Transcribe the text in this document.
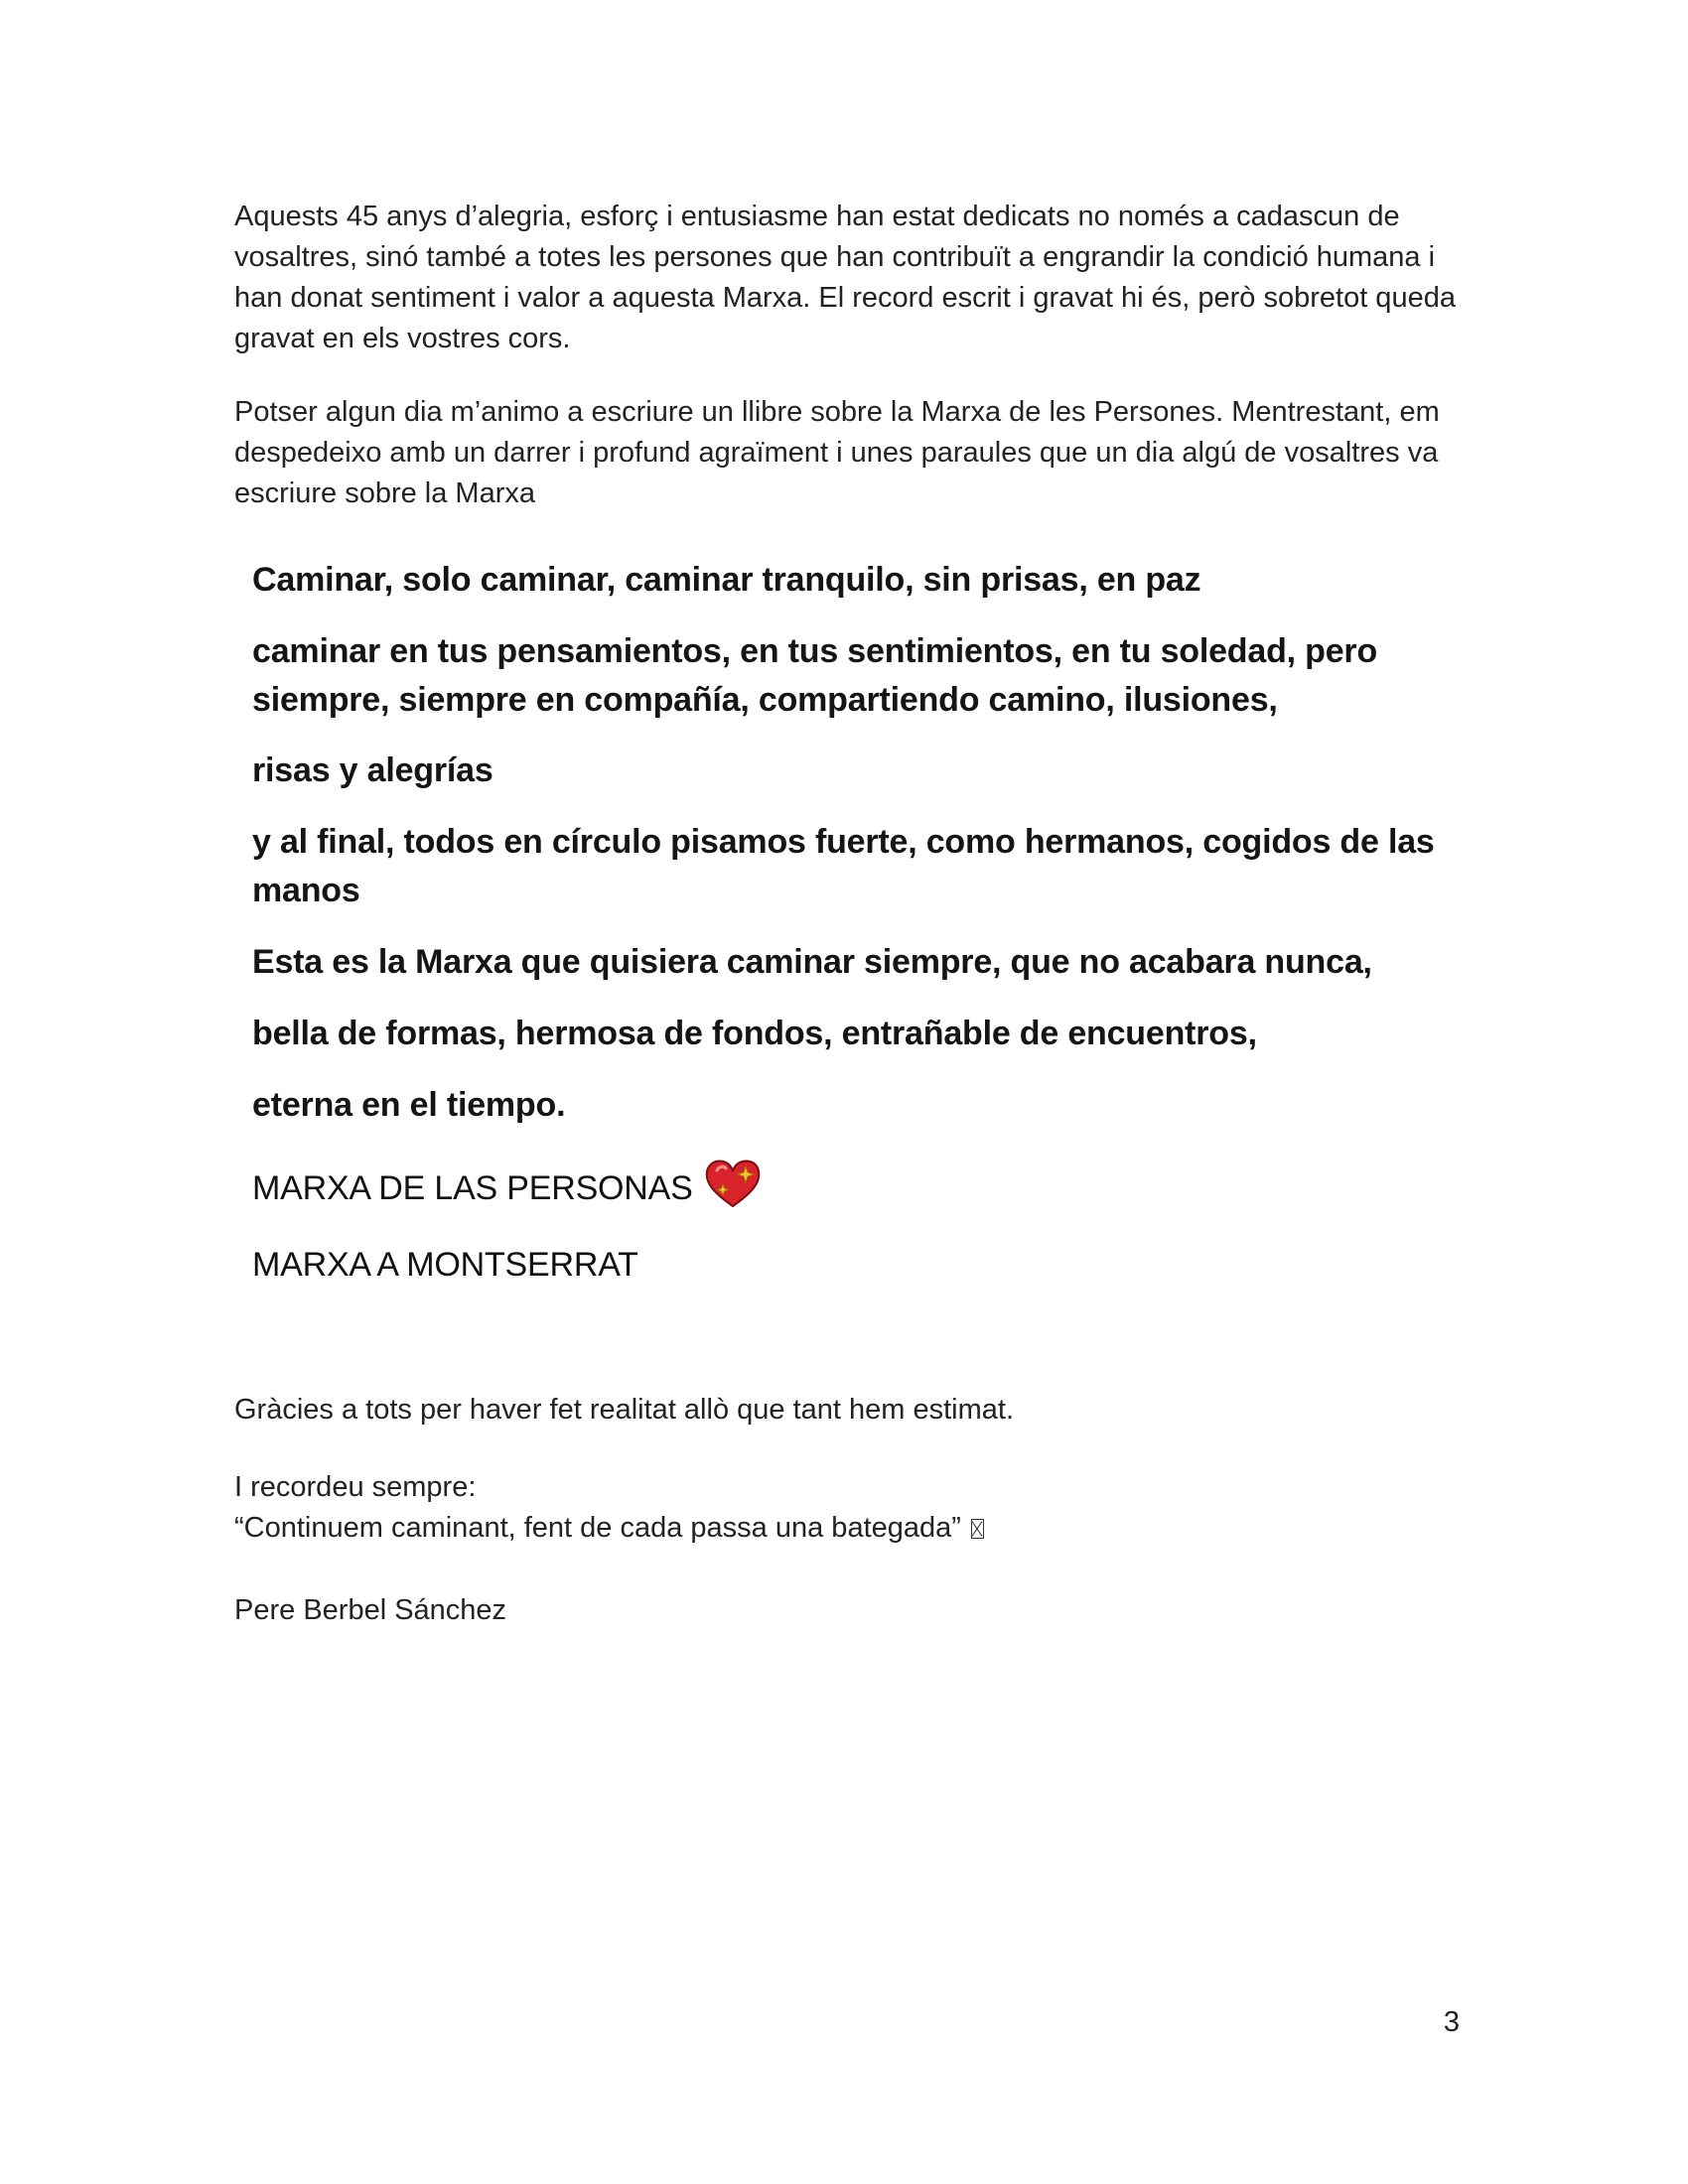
Aquests 45 anys d’alegria, esforç i entusiasme han estat dedicats no només a cadascun de vosaltres, sinó també a totes les persones que han contribuït a engrandir la condició humana i han donat sentiment i valor a aquesta Marxa. El record escrit i gravat hi és, però sobretot queda gravat en els vostres cors.

Potser algun dia m’animo a escriure un llibre sobre la Marxa de les Persones. Mentrestant, em despedeixo amb un darrer i profund agraïment i unes paraules que un dia algú de vosaltres va escriure sobre la Marxa

Caminar, solo caminar, caminar tranquilo, sin prisas, en paz
caminar en tus pensamientos, en tus sentimientos, en tu soledad, pero siempre, siempre en compañía, compartiendo camino, ilusiones,
risas y alegrías
y al final, todos en círculo pisamos fuerte, como hermanos, cogidos de las manos
Esta es la Marxa que quisiera caminar siempre, que no acabara nunca,
bella de formas, hermosa de fondos, entrañable de encuentros,
eterna en el tiempo.
MARXA DE LAS PERSONAS
MARXA A MONTSERRAT

Gràcies a tots per haver fet realitat allò que tant hem estimat.

I recordeu sempre:

“Continuem caminant, fent de cada passa una bategada”

Pere Berbel Sánchez

3
